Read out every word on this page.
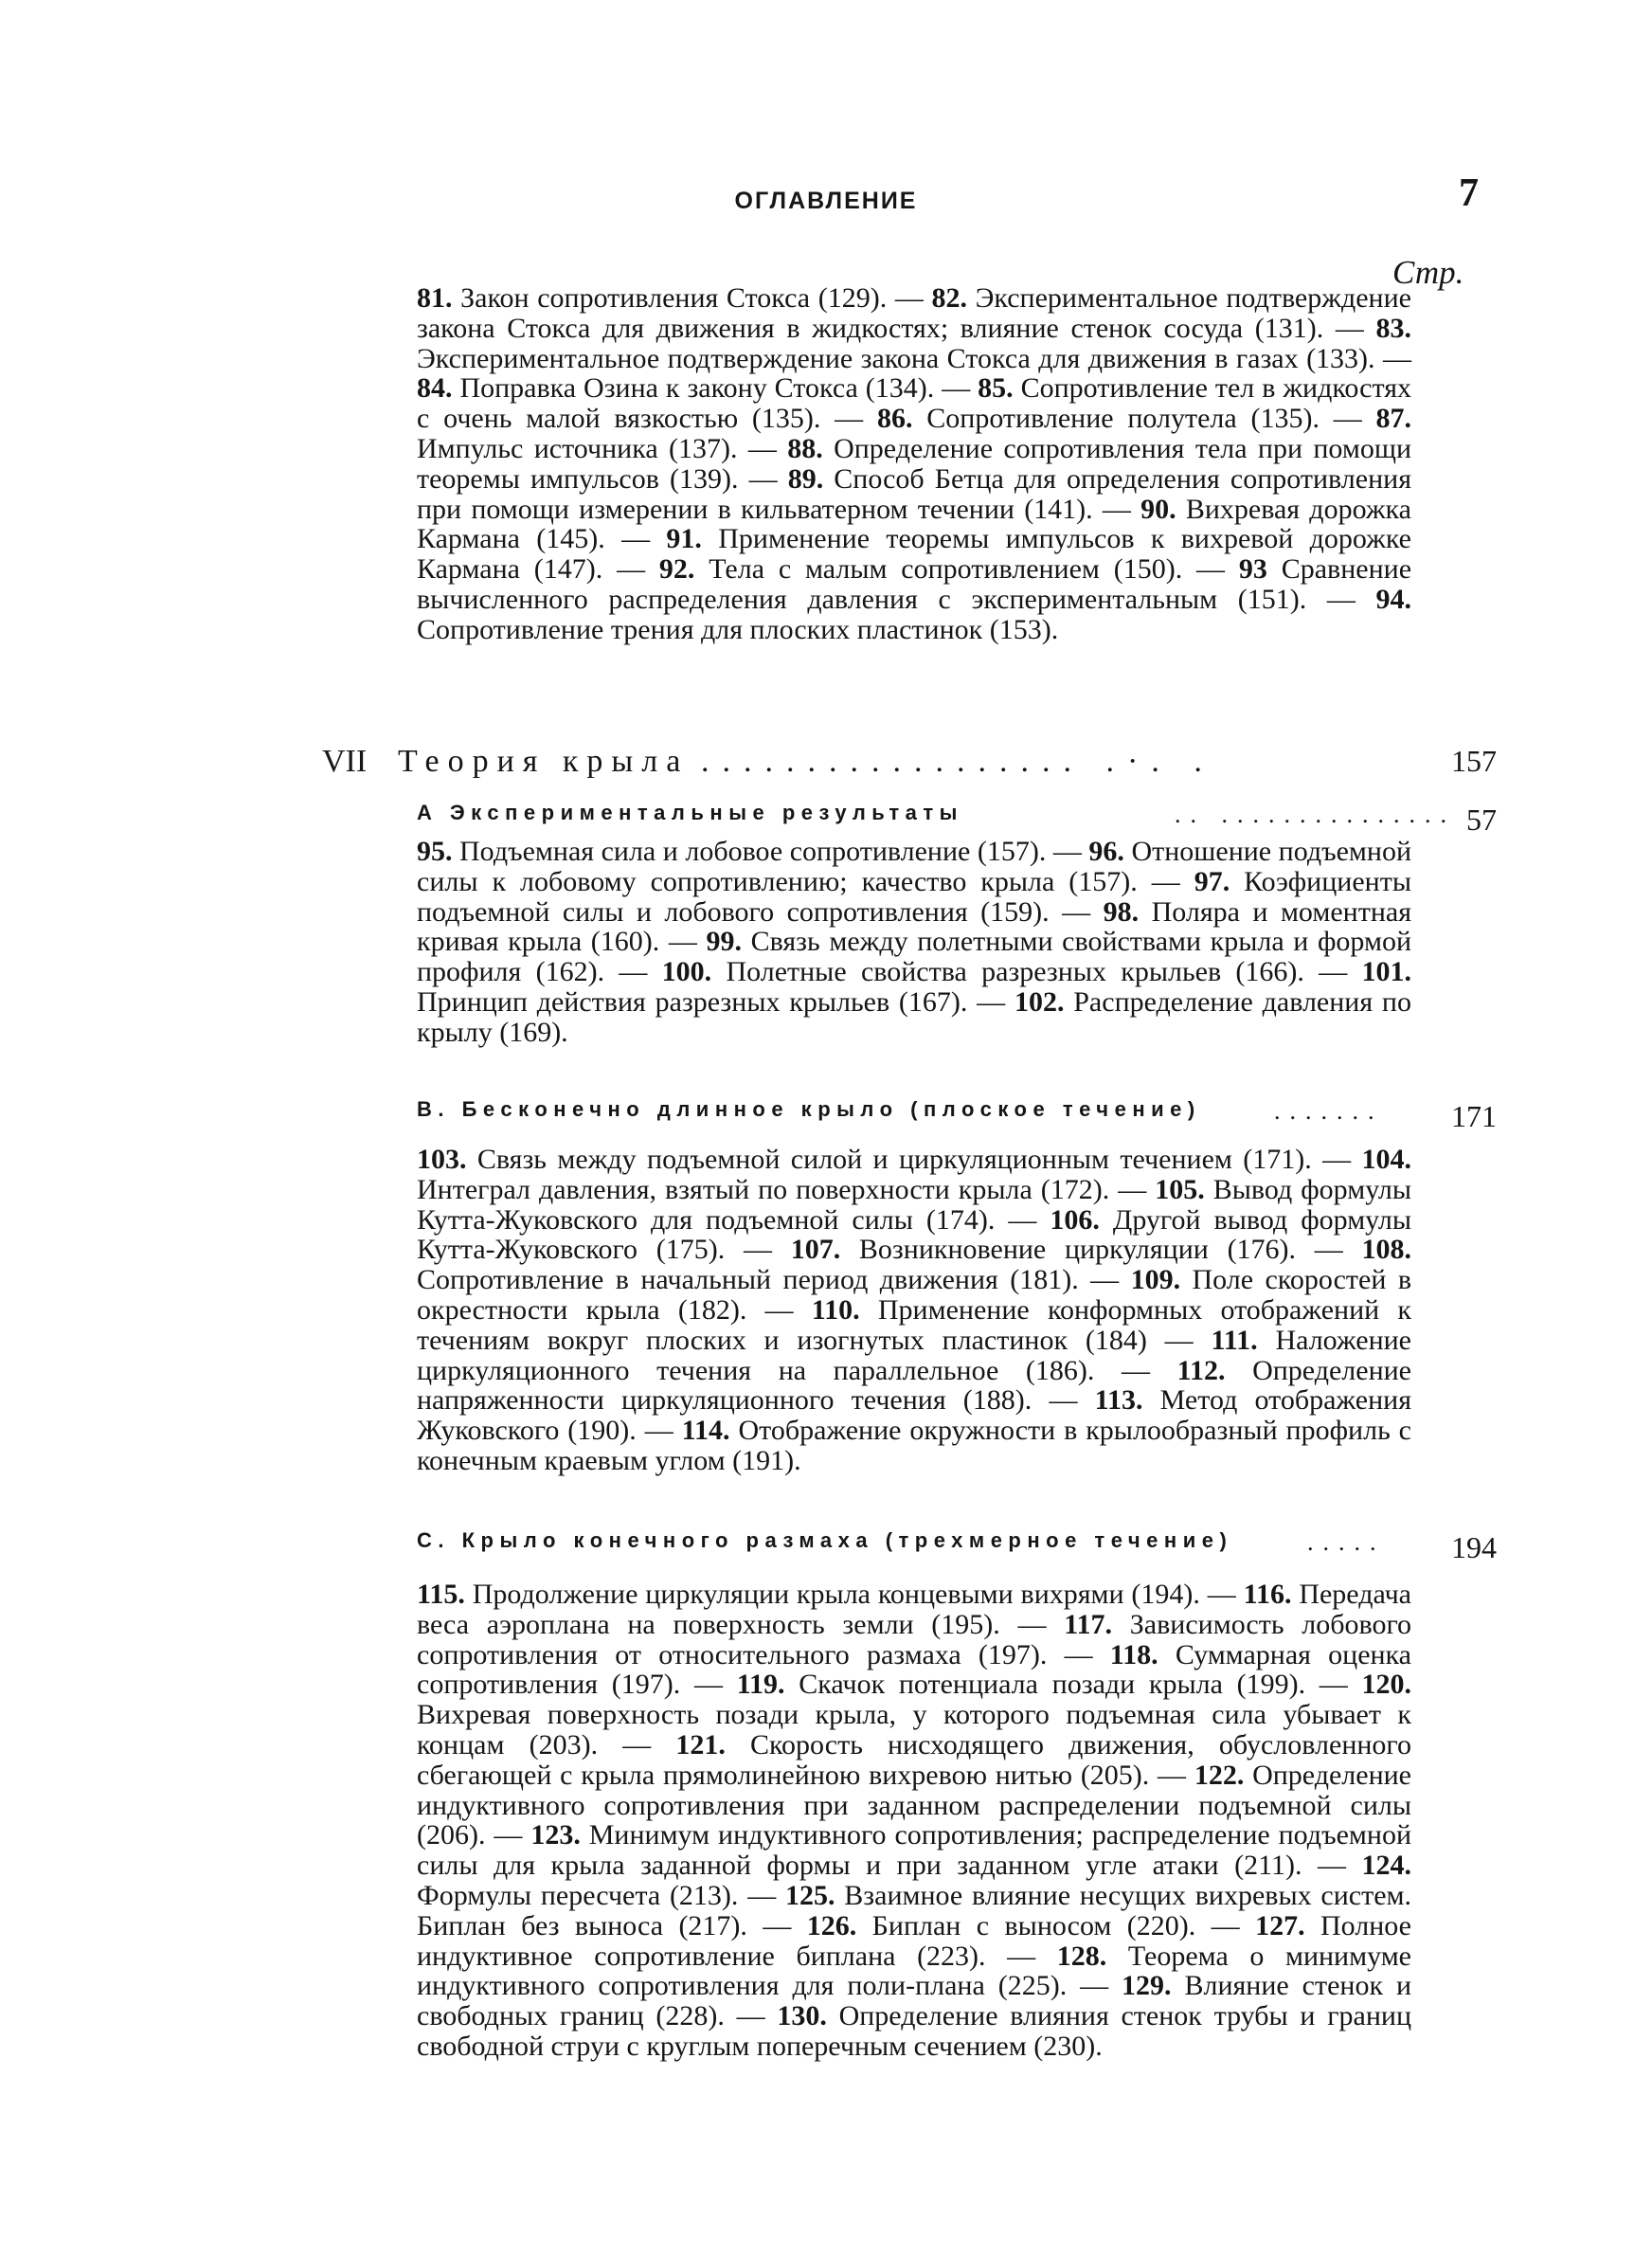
ОГЛАВЛЕНИЕ	7
Стр.

81. Закон сопротивления Стокса (129). — 82. Экспериментальное подтверждение закона Стокса для движения в жидкостях; влияние стенок сосуда (131). — 83. Экспериментальное подтверждение закона Стокса для движения в газах (133). — 84. Поправка Озина к закону Стокса (134). — 85. Сопротивление тел в жидкостях с очень малой вязкостью (135). — 86. Сопротивление полутела (135). — 87. Импульс источника (137). — 88. Определение сопротивления тела при помощи теоремы импульсов (139). — 89. Способ Бетца для определения сопротивления при помощи измерении в кильватерном течении (141). — 90. Вихревая дорожка Кармана (145). — 91. Применение теоремы импульсов к вихревой дорожке Кармана (147). — 92. Тела с малым сопротивлением (150). — 93 Сравнение вычисленного распределения давления с экспериментальным (151). — 94. Сопротивление трения для плоских пластинок (153).

VII Теория крыла .................. .·. .	157
А Экспериментальные результаты	.. ............... 57

95. Подъемная сила и лобовое сопротивление (157). — 96. Отношение подъемной силы к лобовому сопротивлению; качество крыла (157). — 97. Коэфициенты подъемной силы и лобового сопротивления (159). — 98. Поляра и моментная кривая крыла (160). — 99. Связь между полетными свойствами крыла и формой профиля (162). — 100. Полетные свойства разрезных крыльев (166). — 101. Принцип действия разрезных крыльев (167). — 102. Распределение давления по крылу (169).

В. Бесконечно длинное крыло (плоское течение)	....... 171

103. Связь между подъемной силой и циркуляционным течением (171). — 104. Интеграл давления, взятый по поверхности крыла (172). — 105. Вывод формулы Кутта-Жуковского для подъемной силы (174). — 106. Другой вывод формулы Кутта-Жуковского (175). — 107. Возникновение циркуляции (176). — 108. Сопротивление в начальный период движения (181). — 109. Поле скоростей в окрестности крыла (182). — 110. Применение конформных отображений к течениям вокруг плоских и изогнутых пластинок (184) — 111. Наложение циркуляционного течения на параллельное (186). — 112. Определение напряженности циркуляционного течения (188). — 113. Метод отображения Жуковского (190). — 114. Отображение окружности в крылообразный профиль с конечным краевым углом (191).

С. Крыло конечного размаха (трехмерное течение)	..... 194

115. Продолжение циркуляции крыла концевыми вихрями (194). — 116. Передача веса аэроплана на поверхность земли (195). — 117. Зависимость лобового сопротивления от относительного размаха (197). — 118. Суммарная оценка сопротивления (197). — 119. Скачок потенциала позади крыла (199). — 120. Вихревая поверхность позади крыла, у которого подъемная сила убывает к концам (203). — 121. Скорость нисходящего движения, обусловленного сбегающей с крыла прямолинейною вихревою нитью (205). — 122. Определение индуктивного сопротивления при заданном распределении подъемной силы (206). — 123. Минимум индуктивного сопротивления; распределение подъемной силы для крыла заданной формы и при заданном угле атаки (211). — 124. Формулы пересчета (213). — 125. Взаимное влияние несущих вихревых систем. Биплан без выноса (217). — 126. Биплан с выносом (220). — 127. Полное индуктивное сопротивление биплана (223). — 128. Теорема о минимуме индуктивного сопротивления для поли-плана (225). — 129. Влияние стенок и свободных границ (228). — 130. Определение влияния стенок трубы и границ свободной струи с круглым поперечным сечением (230).
